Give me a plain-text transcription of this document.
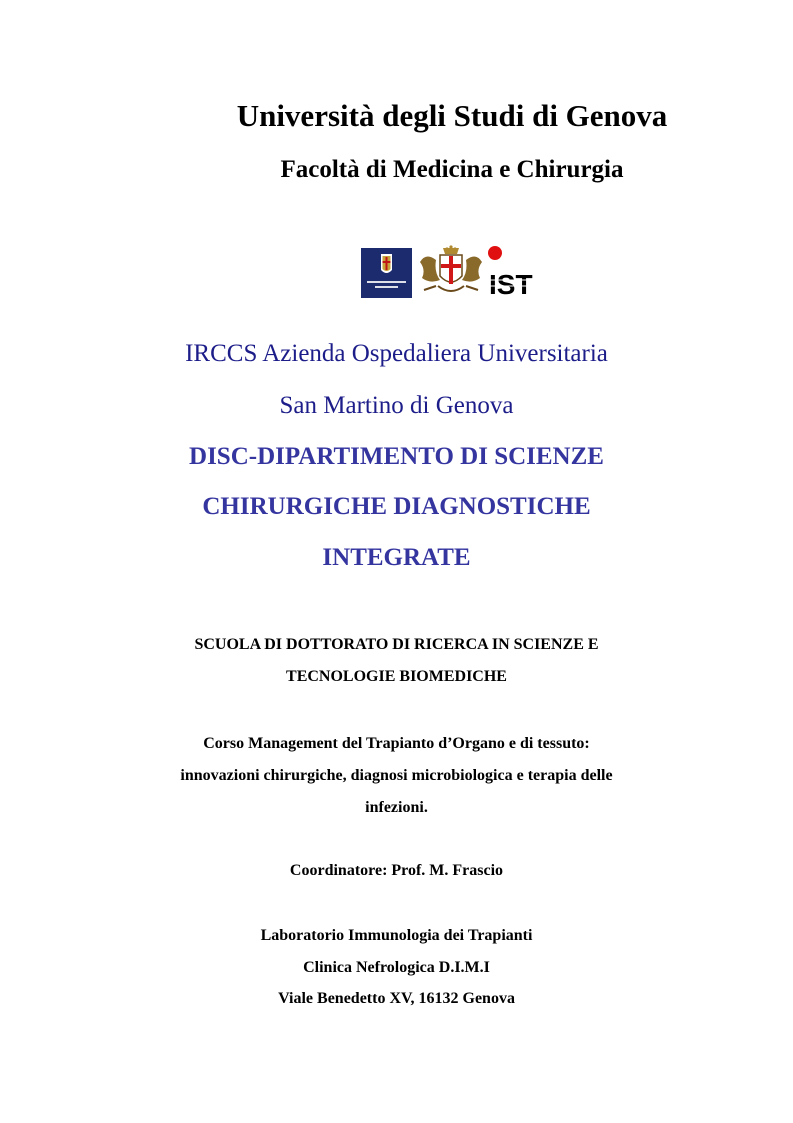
Università degli Studi di Genova
Facoltà di Medicina e Chirurgia
IST
IRCCS Azienda Ospedaliera Universitaria
San Martino di Genova
DISC-DIPARTIMENTO DI SCIENZE
CHIRURGICHE DIAGNOSTICHE
INTEGRATE
SCUOLA DI DOTTORATO DI RICERCA IN SCIENZE E
TECNOLOGIE BIOMEDICHE
Corso Management del Trapianto d’Organo e di tessuto:
innovazioni chirurgiche, diagnosi microbiologica e terapia delle
infezioni.
Coordinatore: Prof. M. Frascio
Laboratorio Immunologia dei Trapianti
Clinica Nefrologica D.I.M.I
Viale Benedetto XV, 16132 Genova
